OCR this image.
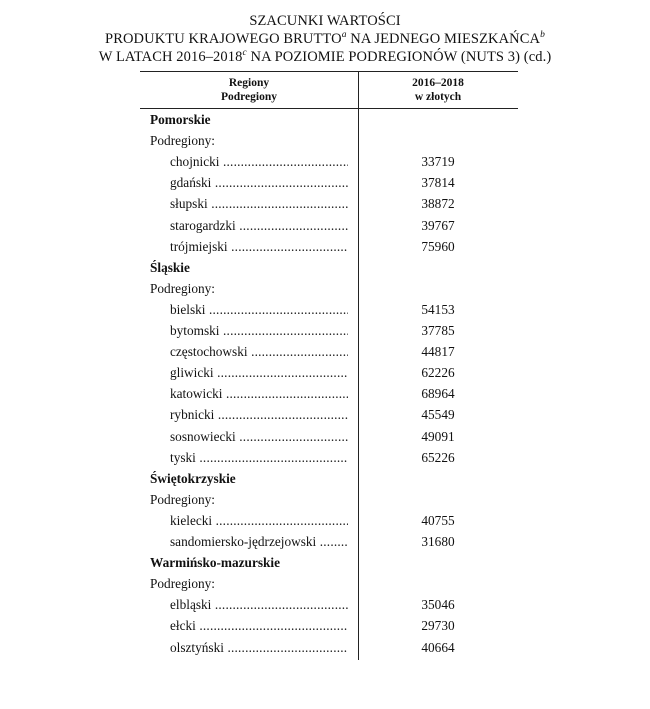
SZACUNKI WARTOŚCI
PRODUKTU KRAJOWEGO BRUTTO$^a$ NA JEDNEGO MIESZKAŃCA$^b$
W LATACH 2016–2018$^c$ NA POZIOMIE PODREGIONÓW (NUTS 3) (cd.)
Regiony
Podregiony
2016–2018
w złotych
Pomorskie
Podregiony:
chojnicki .....	33719
gdański .....	37814
słupski .....	38872
starogardzki .....	39767
trójmiejski .....	75960
Śląskie
Podregiony:
bielski .....	54153
bytomski .....	37785
częstochowski .....	44817
gliwicki .....	62226
katowicki .....	68964
rybnicki .....	45549
sosnowiecki .....	49091
tyski .....	65226
Świętokrzyskie
Podregiony:
kielecki .....	40755
sandomiersko-jędrzejowski .....	31680
Warmińsko-mazurskie
Podregiony:
elbląski .....	35046
ełcki .....	29730
olsztyński .....	40664
